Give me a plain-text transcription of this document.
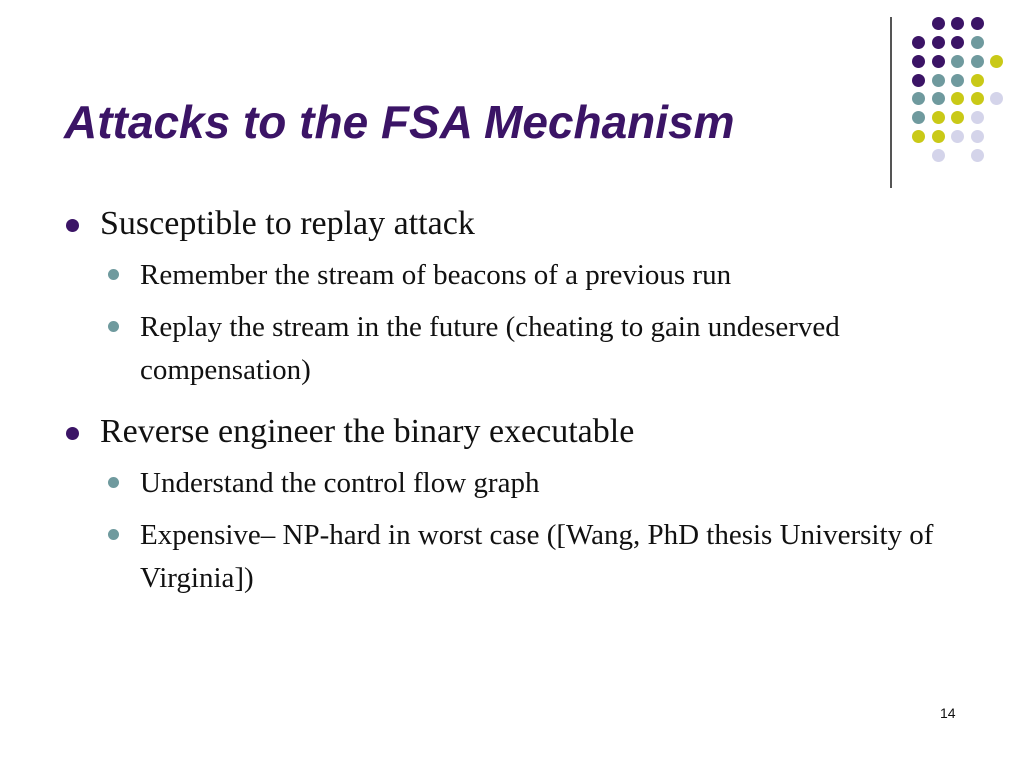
Attacks to the FSA Mechanism
Susceptible to replay attack
Remember the stream of beacons of a previous run
Replay the stream in the future (cheating to gain undeserved compensation)
Reverse engineer the binary executable
Understand the control flow graph
Expensive– NP-hard in worst case ([Wang, PhD thesis University of Virginia])
14
